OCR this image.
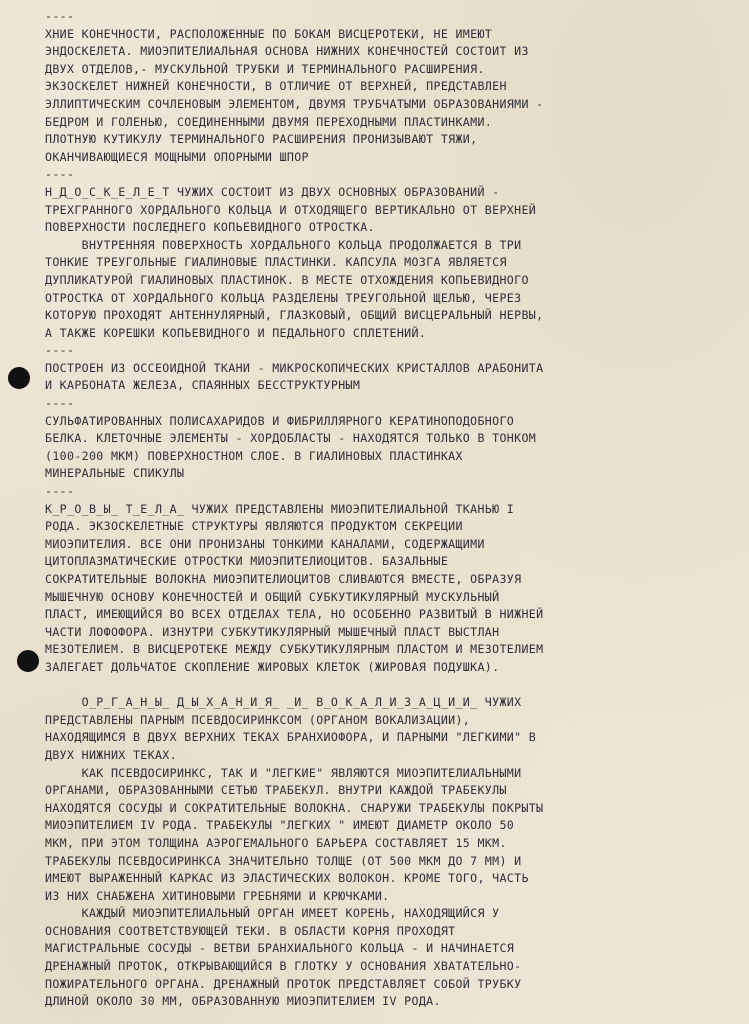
----
ХНИЕ КОНЕЧНОСТИ, РАСПОЛОЖЕННЫЕ ПО БОКАМ ВИСЦЕРОТЕКИ, НЕ ИМЕЮТ
ЭНДОСКЕЛЕТА. МИОЭПИТЕЛИАЛЬНАЯ ОСНОВА НИЖНИХ КОНЕЧНОСТЕЙ СОСТОИТ ИЗ
ДВУХ ОТДЕЛОВ,- МУСКУЛЬНОЙ ТРУБКИ И ТЕРМИНАЛЬНОГО РАСШИРЕНИЯ.
ЭКЗОСКЕЛЕТ НИЖНЕЙ КОНЕЧНОСТИ, В ОТЛИЧИЕ ОТ ВЕРХНЕЙ, ПРЕДСТАВЛЕН
ЭЛЛИПТИЧЕСКИМ СОЧЛЕНОВЫМ ЭЛЕМЕНТОМ, ДВУМЯ ТРУБЧАТЫМИ ОБРАЗОВАНИЯМИ -
БЕДРОМ И ГОЛЕНЬЮ, СОЕДИНЕННЫМИ ДВУМЯ ПЕРЕХОДНЫМИ ПЛАСТИНКАМИ.
ПЛОТНУЮ КУТИКУЛУ ТЕРМИНАЛЬНОГО РАСШИРЕНИЯ ПРОНИЗЫВАЮТ ТЯЖИ,
ОКАНЧИВАЮЩИЕСЯ МОЩНЫМИ ОПОРНЫМИ ШПОР
----
Н_Д_О_С_К_Е_Л_Е_Т ЧУЖИХ СОСТОИТ ИЗ ДВУХ ОСНОВНЫХ ОБРАЗОВАНИЙ -
ТРЕХГРАННОГО ХОРДАЛЬНОГО КОЛЬЦА И ОТХОДЯЩЕГО ВЕРТИКАЛЬНО ОТ ВЕРХНЕЙ
ПОВЕРХНОСТИ ПОСЛЕДНЕГО КОПЬЕВИДНОГО ОТРОСТКА.
ВНУТРЕННЯЯ ПОВЕРХНОСТЬ ХОРДАЛЬНОГО КОЛЬЦА ПРОДОЛЖАЕТСЯ В ТРИ
ТОНКИЕ ТРЕУГОЛЬНЫЕ ГИАЛИНОВЫЕ ПЛАСТИНКИ. КАПСУЛА МОЗГА ЯВЛЯЕТСЯ
ДУПЛИКАТУРОЙ ГИАЛИНОВЫХ ПЛАСТИНОК. В МЕСТЕ ОТХОЖДЕНИЯ КОПЬЕВИДНОГО
ОТРОСТКА ОТ ХОРДАЛЬНОГО КОЛЬЦА РАЗДЕЛЕНЫ ТРЕУГОЛЬНОЙ ЩЕЛЬЮ, ЧЕРЕЗ
КОТОРУЮ ПРОХОДЯТ АНТЕННУЛЯРНЫЙ, ГЛАЗКОВЫЙ, ОБЩИЙ ВИСЦЕРАЛЬНЫЙ НЕРВЫ,
А ТАКЖЕ КОРЕШКИ КОПЬЕВИДНОГО И ПЕДАЛЬНОГО СПЛЕТЕНИЙ.
----
ПОСТРОЕН ИЗ ОССЕОИДНОЙ ТКАНИ - МИКРОСКОПИЧЕСКИХ КРИСТАЛЛОВ АРАБОНИТА
И КАРБОНАТА ЖЕЛЕЗА, СПАЯННЫХ БЕССТРУКТУРНЫМ
----
СУЛЬФАТИРОВАННЫХ ПОЛИСАХАРИДОВ И ФИБРИЛЛЯРНОГО КЕРАТИНОПОДОБНОГО
БЕЛКА. КЛЕТОЧНЫЕ ЭЛЕМЕНТЫ - ХОРДОБЛАСТЫ - НАХОДЯТСЯ ТОЛЬКО В ТОНКОМ
(100-200 МКМ) ПОВЕРХНОСТНОМ СЛОЕ. В ГИАЛИНОВЫХ ПЛАСТИНКАХ
МИНЕРАЛЬНЫЕ СПИКУЛЫ
----
К_Р_О_В_Ы_ Т_Е_Л_А_ ЧУЖИХ ПРЕДСТАВЛЕНЫ МИОЭПИТЕЛИАЛЬНОЙ ТКАНЬЮ I
РОДА. ЭКЗОСКЕЛЕТНЫЕ СТРУКТУРЫ ЯВЛЯЮТСЯ ПРОДУКТОМ СЕКРЕЦИИ
МИОЭПИТЕЛИЯ. ВСЕ ОНИ ПРОНИЗАНЫ ТОНКИМИ КАНАЛАМИ, СОДЕРЖАЩИМИ
ЦИТОПЛАЗМАТИЧЕСКИЕ ОТРОСТКИ МИОЭПИТЕЛИОЦИТОВ. БАЗАЛЬНЫЕ
СОКРАТИТЕЛЬНЫЕ ВОЛОКНА МИОЭПИТЕЛИОЦИТОВ СЛИВАЮТСЯ ВМЕСТЕ, ОБРАЗУЯ
МЫШЕЧНУЮ ОСНОВУ КОНЕЧНОСТЕЙ И ОБЩИЙ СУБКУТИКУЛЯРНЫЙ МУСКУЛЬНЫЙ
ПЛАСТ, ИМЕЮЩИЙСЯ ВО ВСЕХ ОТДЕЛАХ ТЕЛА, НО ОСОБЕННО РАЗВИТЫЙ В НИЖНЕЙ
ЧАСТИ ЛОФОФОРА. ИЗНУТРИ СУБКУТИКУЛЯРНЫЙ МЫШЕЧНЫЙ ПЛАСТ ВЫСТЛАН
МЕЗОТЕЛИЕМ. В ВИСЦЕРОТЕКЕ МЕЖДУ СУБКУТИКУЛЯРНЫМ ПЛАСТОМ И МЕЗОТЕЛИЕМ
ЗАЛЕГАЕТ ДОЛЬЧАТОЕ СКОПЛЕНИЕ ЖИРОВЫХ КЛЕТОК (ЖИРОВАЯ ПОДУШКА).
О_Р_Г_А_Н_Ы_ Д_Ы_Х_А_Н_И_Я_ _И_ В_О_К_А_Л_И_З_А_Ц_И_И_ ЧУЖИХ
ПРЕДСТАВЛЕНЫ ПАРНЫМ ПСЕВДОСИРИНКСОМ (ОРГАНОМ ВОКАЛИЗАЦИИ),
НАХОДЯЩИМСЯ В ДВУХ ВЕРХНИХ ТЕКАХ БРАНХИОФОРА, И ПАРНЫМИ "ЛЕГКИМИ" В
ДВУХ НИЖНИХ ТЕКАХ.
КАК ПСЕВДОСИРИНКС, ТАК И "ЛЕГКИЕ" ЯВЛЯЮТСЯ МИОЭПИТЕЛИАЛЬНЫМИ
ОРГАНАМИ, ОБРАЗОВАННЫМИ СЕТЬЮ ТРАБЕКУЛ. ВНУТРИ КАЖДОЙ ТРАБЕКУЛЫ
НАХОДЯТСЯ СОСУДЫ И СОКРАТИТЕЛЬНЫЕ ВОЛОКНА. СНАРУЖИ ТРАБЕКУЛЫ ПОКРЫТЫ
МИОЭПИТЕЛИЕМ IV РОДА. ТРАБЕКУЛЫ "ЛЕГКИХ " ИМЕЮТ ДИАМЕТР ОКОЛО 50
МКМ, ПРИ ЭТОМ ТОЛЩИНА АЭРОГЕМАЛЬНОГО БАРЬЕРА СОСТАВЛЯЕТ 15 МКМ.
ТРАБЕКУЛЫ ПСЕВДОСИРИНКСА ЗНАЧИТЕЛЬНО ТОЛЩЕ (ОТ 500 МКМ ДО 7 ММ) И
ИМЕЮТ ВЫРАЖЕННЫЙ КАРКАС ИЗ ЭЛАСТИЧЕСКИХ ВОЛОКОН. КРОМЕ ТОГО, ЧАСТЬ
ИЗ НИХ СНАБЖЕНА ХИТИНОВЫМИ ГРЕБНЯМИ И КРЮЧКАМИ.
КАЖДЫЙ МИОЭПИТЕЛИАЛЬНЫЙ ОРГАН ИМЕЕТ КОРЕНЬ, НАХОДЯЩИЙСЯ У
ОСНОВАНИЯ СООТВЕТСТВУЮЩЕЙ ТЕКИ. В ОБЛАСТИ КОРНЯ ПРОХОДЯТ
МАГИСТРАЛЬНЫЕ СОСУДЫ - ВЕТВИ БРАНХИАЛЬНОГО КОЛЬЦА - И НАЧИНАЕТСЯ
ДРЕНАЖНЫЙ ПРОТОК, ОТКРЫВАЮЩИЙСЯ В ГЛОТКУ У ОСНОВАНИЯ ХВАТАТЕЛЬНО-
ПОЖИРАТЕЛЬНОГО ОРГАНА. ДРЕНАЖНЫЙ ПРОТОК ПРЕДСТАВЛЯЕТ СОБОЙ ТРУБКУ
ДЛИНОЙ ОКОЛО 30 ММ, ОБРАЗОВАННУЮ МИОЭПИТЕЛИЕМ IV РОДА.
